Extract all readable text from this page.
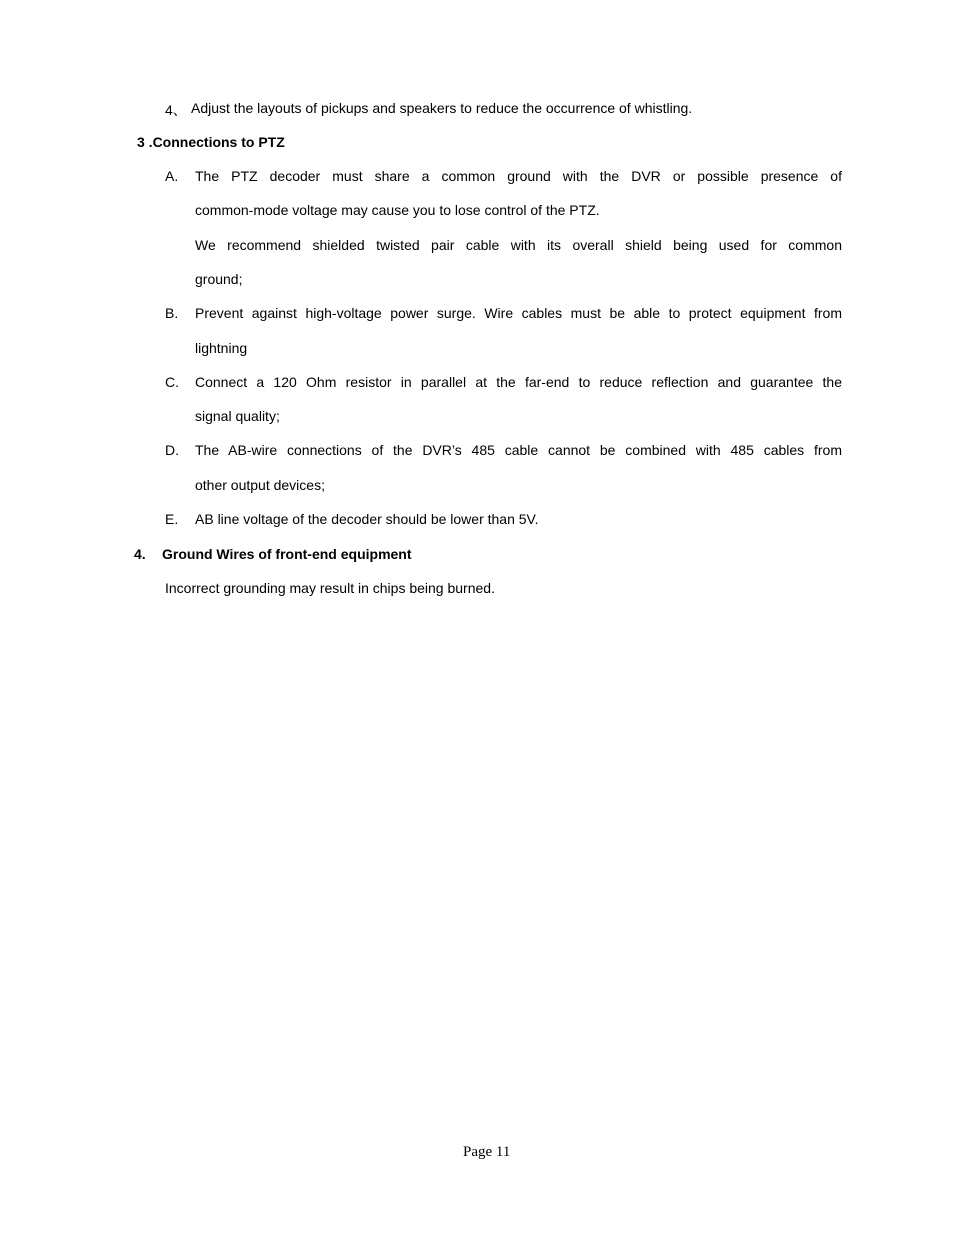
4、 Adjust the layouts of pickups and speakers to reduce the occurrence of whistling.
3 .Connections to PTZ
A. The PTZ decoder must share a common ground with the DVR or possible presence of
common-mode voltage may cause you to lose control of the PTZ.
We recommend shielded twisted pair cable with its overall shield being used for common
ground;
B. Prevent against high-voltage power surge. Wire cables must be able to protect equipment from
lightning
C. Connect a 120 Ohm resistor in parallel at the far-end to reduce reflection and guarantee the
signal quality;
D. The AB-wire connections of the DVR’s 485 cable cannot be combined with 485 cables from
other output devices;
E. AB line voltage of the decoder should be lower than 5V.
4. Ground Wires of front-end equipment
Incorrect grounding may result in chips being burned.
Page 11
